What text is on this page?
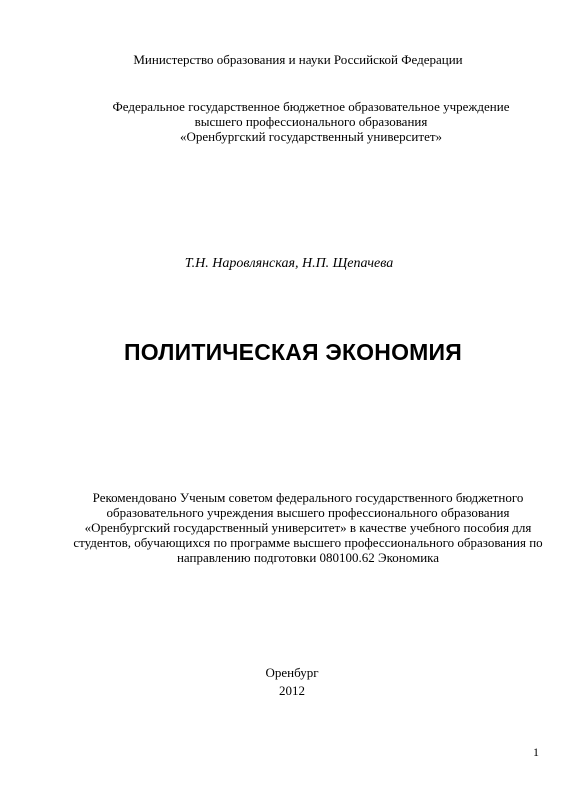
Министерство образования и науки Российской Федерации
Федеральное государственное бюджетное образовательное учреждение
высшего профессионального образования
«Оренбургский государственный университет»
Т.Н. Наровлянская, Н.П. Щепачева
ПОЛИТИЧЕСКАЯ ЭКОНОМИЯ
Рекомендовано Ученым советом федерального государственного бюджетного
образовательного учреждения высшего профессионального образования
«Оренбургский государственный университет» в качестве учебного пособия для
студентов, обучающихся по программе высшего профессионального образования по
направлению подготовки 080100.62 Экономика
Оренбург
2012
1
